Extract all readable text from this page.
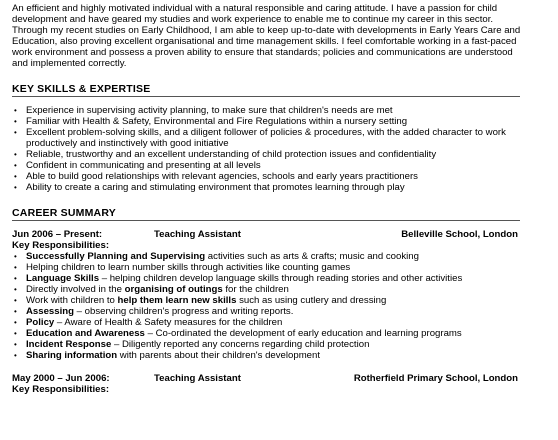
An efficient and highly motivated individual with a natural responsible and caring attitude. I have a passion for child development and have geared my studies and work experience to enable me to continue my career in this sector. Through my recent studies on Early Childhood, I am able to keep up-to-date with developments in Early Years Care and Education, also proving excellent organisational and time management skills. I feel comfortable working in a fast-paced work environment and possess a proven ability to ensure that standards; policies and communications are understood and implemented correctly.

KEY SKILLS & EXPERTISE
• Experience in supervising activity planning, to make sure that children's needs are met
• Familiar with Health & Safety, Environmental and Fire Regulations within a nursery setting
• Excellent problem-solving skills, and a diligent follower of policies & procedures, with the added character to work productively and instinctively with good initiative
• Reliable, trustworthy and an excellent understanding of child protection issues and confidentiality
• Confident in communicating and presenting at all levels
• Able to build good relationships with relevant agencies, schools and early years practitioners
• Ability to create a caring and stimulating environment that promotes learning through play
CAREER SUMMARY
Jun 2006 – Present:	Teaching Assistant	Belleville School, London
Key Responsibilities:
• Successfully Planning and Supervising activities such as arts & crafts; music and cooking
• Helping children to learn number skills through activities like counting games
• Language Skills – helping children develop language skills through reading stories and other activities
• Directly involved in the organising of outings for the children
• Work with children to help them learn new skills such as using cutlery and dressing
• Assessing – observing children's progress and writing reports.
• Policy – Aware of Health & Safety measures for the children
• Education and Awareness – Co-ordinated the development of early education and learning programs
• Incident Response – Diligently reported any concerns regarding child protection
• Sharing information with parents about their children's development
May 2000 – Jun 2006:	Teaching Assistant	Rotherfield Primary School, London
Key Responsibilities:
